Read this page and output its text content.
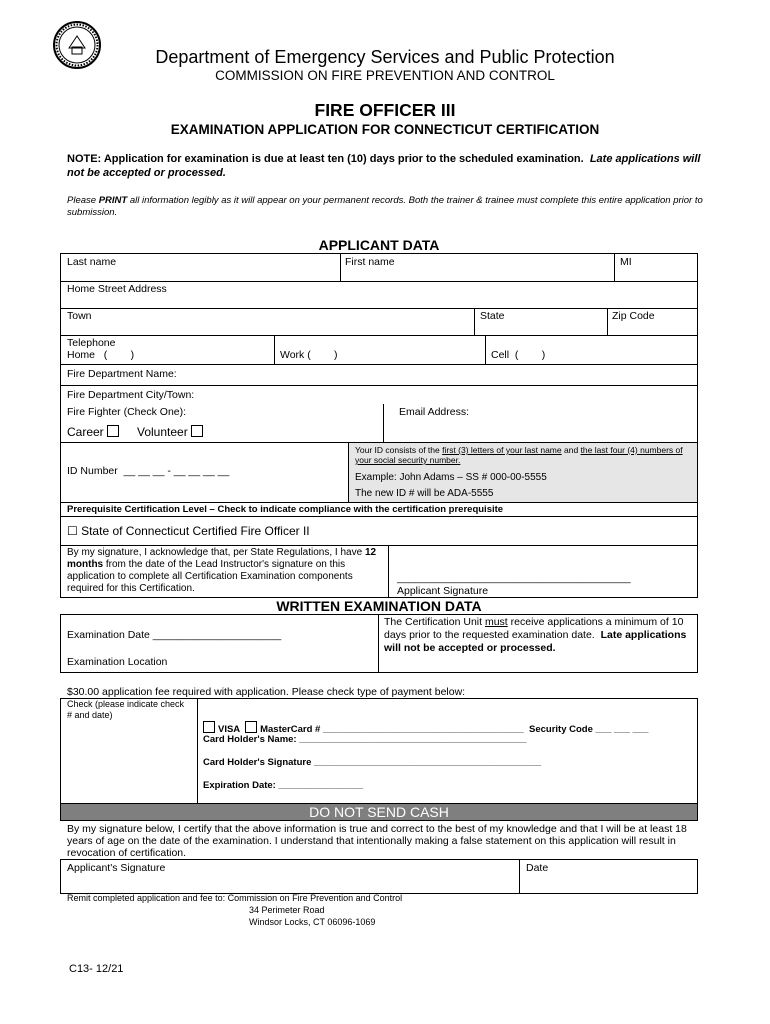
Department of Emergency Services and Public Protection
COMMISSION ON FIRE PREVENTION AND CONTROL
FIRE OFFICER III
EXAMINATION APPLICATION FOR CONNECTICUT CERTIFICATION
NOTE: Application for examination is due at least ten (10) days prior to the scheduled examination. Late applications will not be accepted or processed.
Please PRINT all information legibly as it will appear on your permanent records. Both the trainer & trainee must complete this entire application prior to submission.
APPLICANT DATA
Last name	First name	MI
Home Street Address
Town	State	Zip Code
Telephone
Home   (        )	Work (        )	Cell  (        )
Fire Department Name:
Fire Department City/Town:
Fire Fighter (Check One):	Email Address:
Career	Volunteer
ID Number  __ __ __ - __ __ __ __
Your ID consists of the first (3) letters of your last name and the last four (4) numbers of your social security number.
Example: John Adams – SS # 000-00-5555
The new ID # will be ADA-5555
Prerequisite Certification Level – Check to indicate compliance with the certification prerequisite
☐ State of Connecticut Certified Fire Officer II
By my signature, I acknowledge that, per State Regulations, I have 12 months from the date of the Lead Instructor's signature on this application to complete all Certification Examination components required for this Certification.
________________________________________
Applicant Signature
WRITTEN EXAMINATION DATA
Examination Date ______________________
Examination Location
The Certification Unit must receive applications a minimum of 10 days prior to the requested examination date. Late applications will not be accepted or processed.
$30.00 application fee required with application. Please check type of payment below:
Check (please indicate check # and date)

VISA MasterCard # ______________________________________ Security Code ___ ___ ___
Card Holder's Name: ___________________________________________
Card Holder's Signature ___________________________________________
Expiration Date: ________________
DO NOT SEND CASH
By my signature below, I certify that the above information is true and correct to the best of my knowledge and that I will be at least 18 years of age on the date of the examination. I understand that intentionally making a false statement on this application will result in revocation of certification.
Applicant's Signature	Date
Remit completed application and fee to: Commission on Fire Prevention and Control
34 Perimeter Road
Windsor Locks, CT 06096-1069
C13- 12/21
